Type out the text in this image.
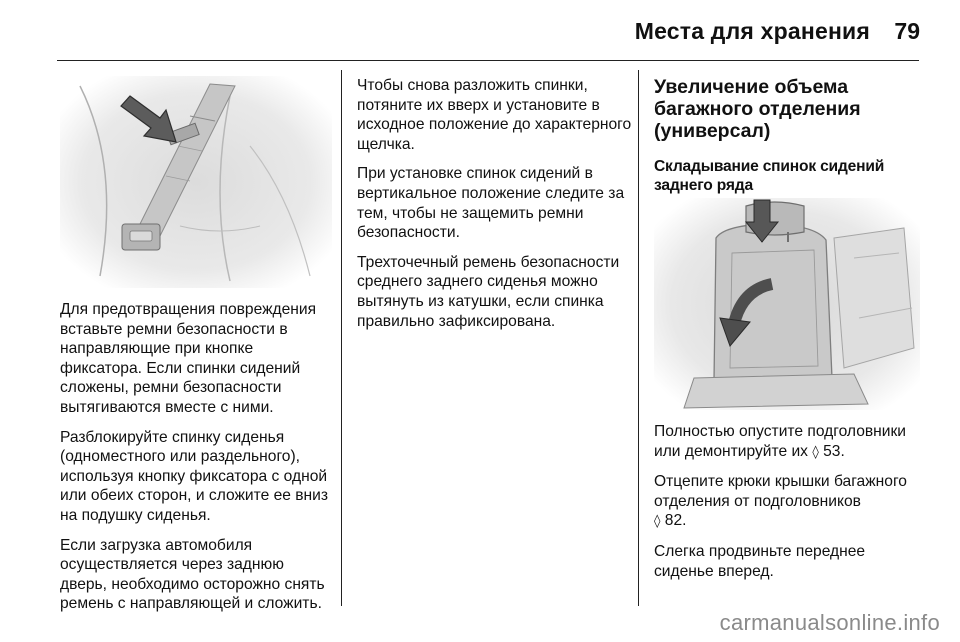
Места для хранения	79

Для предотвращения повреждения вставьте ремни безопасности в направляющие при кнопке фиксатора. Если спинки сидений сложены, ремни безопасности вытягиваются вместе с ними.

Разблокируйте спинку сиденья (одноместного или раздельного), используя кнопку фиксатора с одной или обеих сторон, и сложите ее вниз на подушку сиденья.

Если загрузка автомобиля осуществляется через заднюю дверь, необходимо осторожно снять ремень с направляющей и сложить.

Чтобы снова разложить спинки, потяните их вверх и установите в исходное положение до характерного щелчка.

При установке спинок сидений в вертикальное положение следите за тем, чтобы не защемить ремни безопасности.

Трехточечный ремень безопасности среднего заднего сиденья можно вытянуть из катушки, если спинка правильно зафиксирована.

Увеличение объема багажного отделения (универсал)
Складывание спинок сидений заднего ряда

Полностью опустите подголовники или демонтируйте их ◊ 53.

Отцепите крюки крышки багажного отделения от подголовников
◊ 82.

Слегка продвиньте переднее сиденье вперед.

carmanualsonline.info
